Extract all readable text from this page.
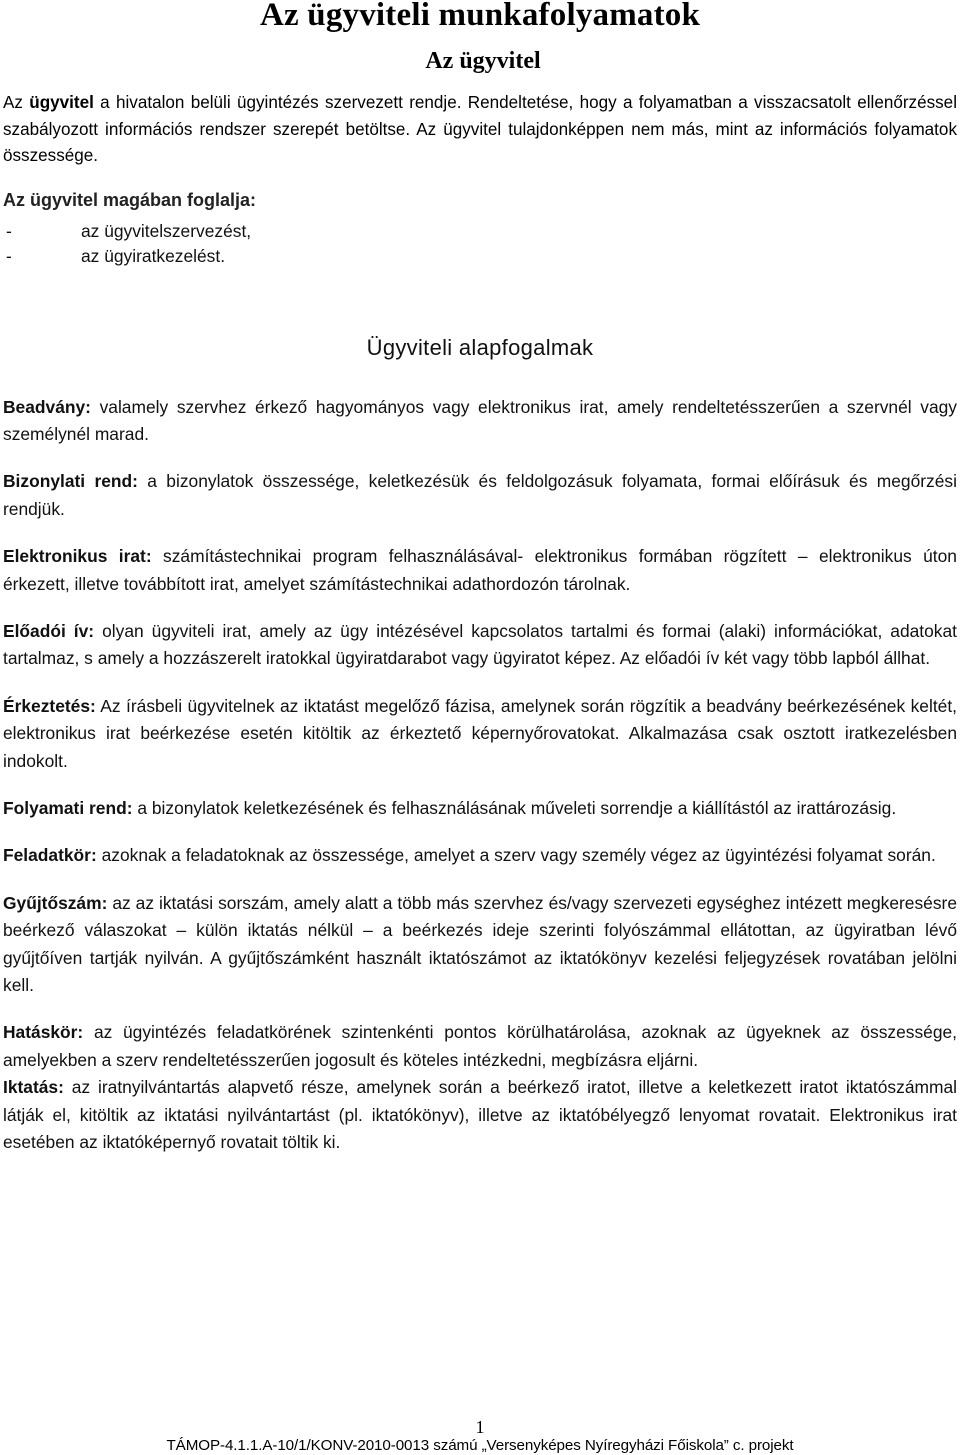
Az ügyviteli munkafolyamatok
Az ügyvitel

Az ügyvitel a hivatalon belüli ügyintézés szervezett rendje. Rendeltetése, hogy a folyamatban a visszacsatolt ellenőrzéssel szabályozott információs rendszer szerepét betöltse. Az ügyvitel tulajdonképpen nem más, mint az információs folyamatok összessége.

Az ügyvitel magában foglalja:

-	az ügyvitelszervezést,
-	az ügyiratkezelést.
Ügyviteli alapfogalmak

Beadvány: valamely szervhez érkező hagyományos vagy elektronikus irat, amely rendeltetésszerűen a szervnél vagy személynél marad.

Bizonylati rend: a bizonylatok összessége, keletkezésük és feldolgozásuk folyamata, formai előírásuk és megőrzési rendjük.

Elektronikus irat: számítástechnikai program felhasználásával- elektronikus formában rögzített – elektronikus úton érkezett, illetve továbbított irat, amelyet számítástechnikai adathordozón tárolnak.

Előadói ív: olyan ügyviteli irat, amely az ügy intézésével kapcsolatos tartalmi és formai (alaki) információkat, adatokat tartalmaz, s amely a hozzászerelt iratokkal ügyiratdarabot vagy ügyiratot képez. Az előadói ív két vagy több lapból állhat.

Érkeztetés: Az írásbeli ügyvitelnek az iktatást megelőző fázisa, amelynek során rögzítik a beadvány beérkezésének keltét, elektronikus irat beérkezése esetén kitöltik az érkeztető képernyőrovatokat. Alkalmazása csak osztott iratkezelésben indokolt.

Folyamati rend: a bizonylatok keletkezésének és felhasználásának műveleti sorrendje a kiállítástól az irattározásig.

Feladatkör: azoknak a feladatoknak az összessége, amelyet a szerv vagy személy végez az ügyintézési folyamat során.

Gyűjtőszám: az az iktatási sorszám, amely alatt a több más szervhez és/vagy szervezeti egységhez intézett megkeresésre beérkező válaszokat – külön iktatás nélkül – a beérkezés ideje szerinti folyószámmal ellátottan, az ügyiratban lévő gyűjtőíven tartják nyilván. A gyűjtőszámként használt iktatószámot az iktatókönyv kezelési feljegyzések rovatában jelölni kell.

Hatáskör: az ügyintézés feladatkörének szintenkénti pontos körülhatárolása, azoknak az ügyeknek az összessége, amelyekben a szerv rendeltetésszerűen jogosult és köteles intézkedni, megbízásra eljárni.

Iktatás: az iratnyilvántartás alapvető része, amelynek során a beérkező iratot, illetve a keletkezett iratot iktatószámmal látják el, kitöltik az iktatási nyilvántartást (pl. iktatókönyv), illetve az iktatóbélyegző lenyomat rovatait. Elektronikus irat esetében az iktatóképernyő rovatait töltik ki.

1
TÁMOP-4.1.1.A-10/1/KONV-2010-0013 számú „Versenyképes Nyíregyházi Főiskola” c. projekt
